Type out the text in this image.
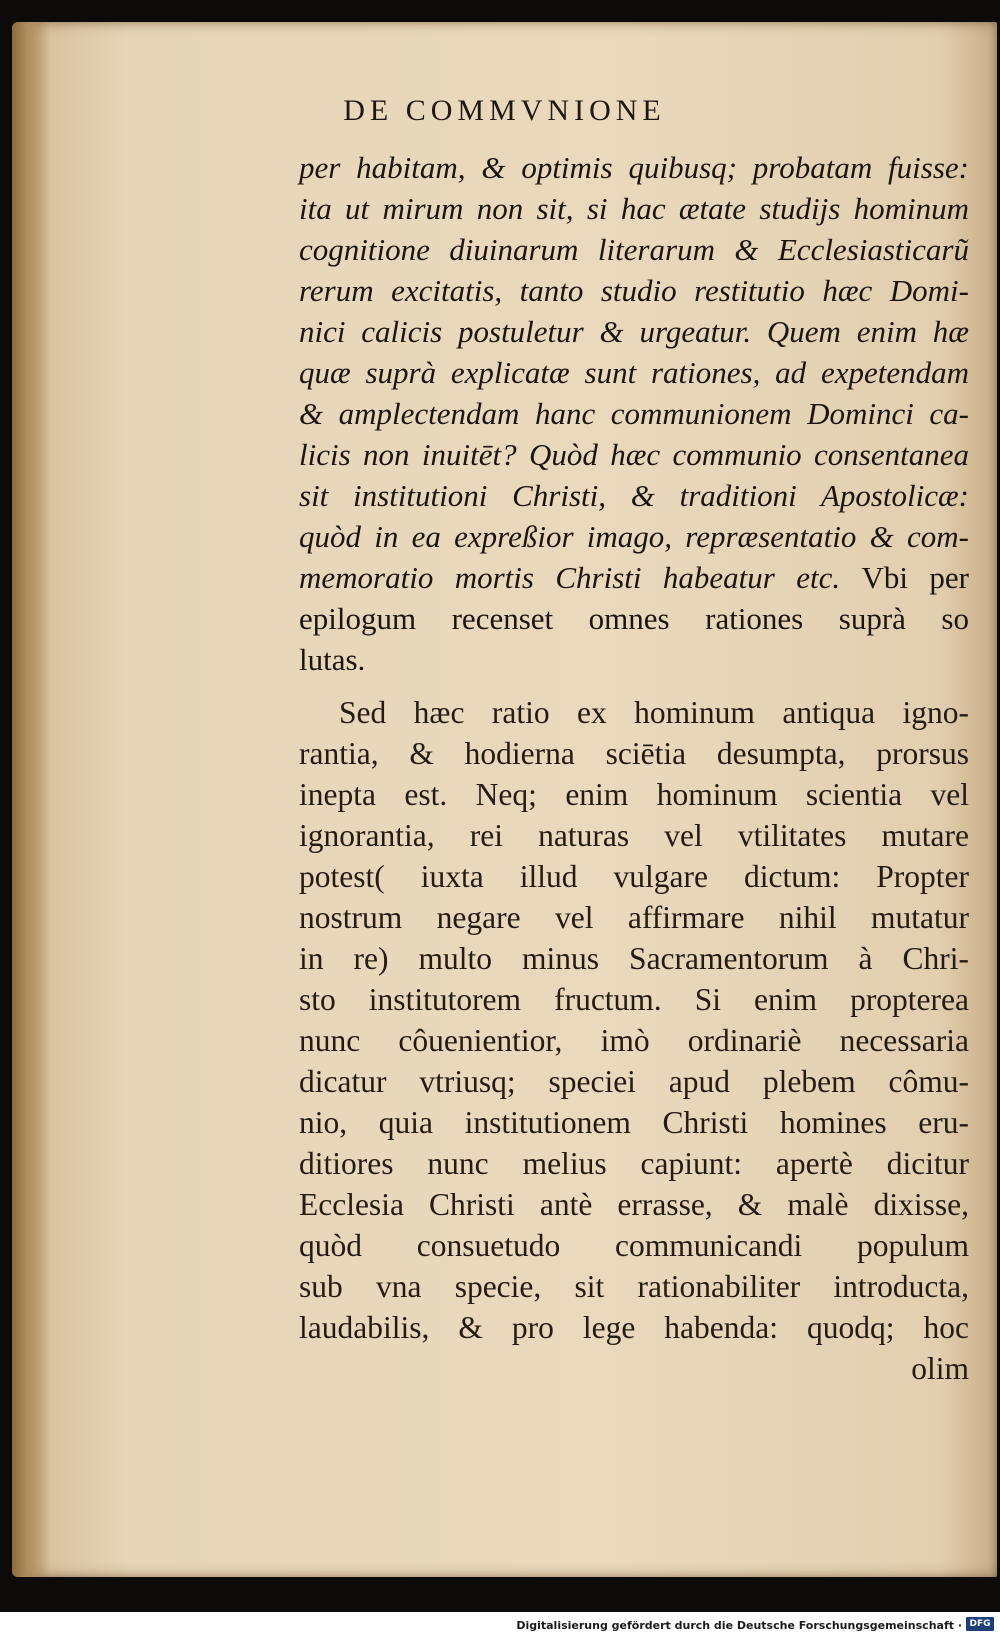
DE COMMVNIONE
per habitam, & optimis quibusq; probatam fuisse:
ita ut mirum non sit, si hac ætate studijs hominum
cognitione diuinarum literarum & Ecclesiasticarũ
rerum excitatis, tanto studio restitutio hæc Domi-
nici calicis postuletur & urgeatur. Quem enim hæ
quæ suprà explicatæ sunt rationes, ad expetendam
& amplectendam hanc communionem Dominci ca-
licis non inuitēt? Quòd hæc communio consentanea
sit institutioni Christi, & traditioni Apostolicæ:
quòd in ea expreßior imago, repræsentatio & com-
memoratio mortis Christi habeatur etc. Vbi per
epilogum recenset omnes rationes suprà so
lutas.
Sed hæc ratio ex hominum antiqua igno-
rantia, & hodierna sciētia desumpta, prorsus
inepta est. Neq; enim hominum scientia vel
ignorantia, rei naturas vel vtilitates mutare
potest( iuxta illud vulgare dictum: Propter
nostrum negare vel affirmare nihil mutatur
in re) multo minus Sacramentorum à Chri-
sto institutorem fructum. Si enim propterea
nunc côuenientior, imò ordinariè necessaria
dicatur vtriusq; speciei apud plebem cômu-
nio, quia institutionem Christi homines eru-
ditiores nunc melius capiunt: apertè dicitur
Ecclesia Christi antè errasse, & malè dixisse,
quòd consuetudo communicandi populum
sub vna specie, sit rationabiliter introducta,
laudabilis, & pro lege habenda: quodq; hoc
olim
Digitalisierung gefördert durch die Deutsche Forschungsgemeinschaft · DFG
